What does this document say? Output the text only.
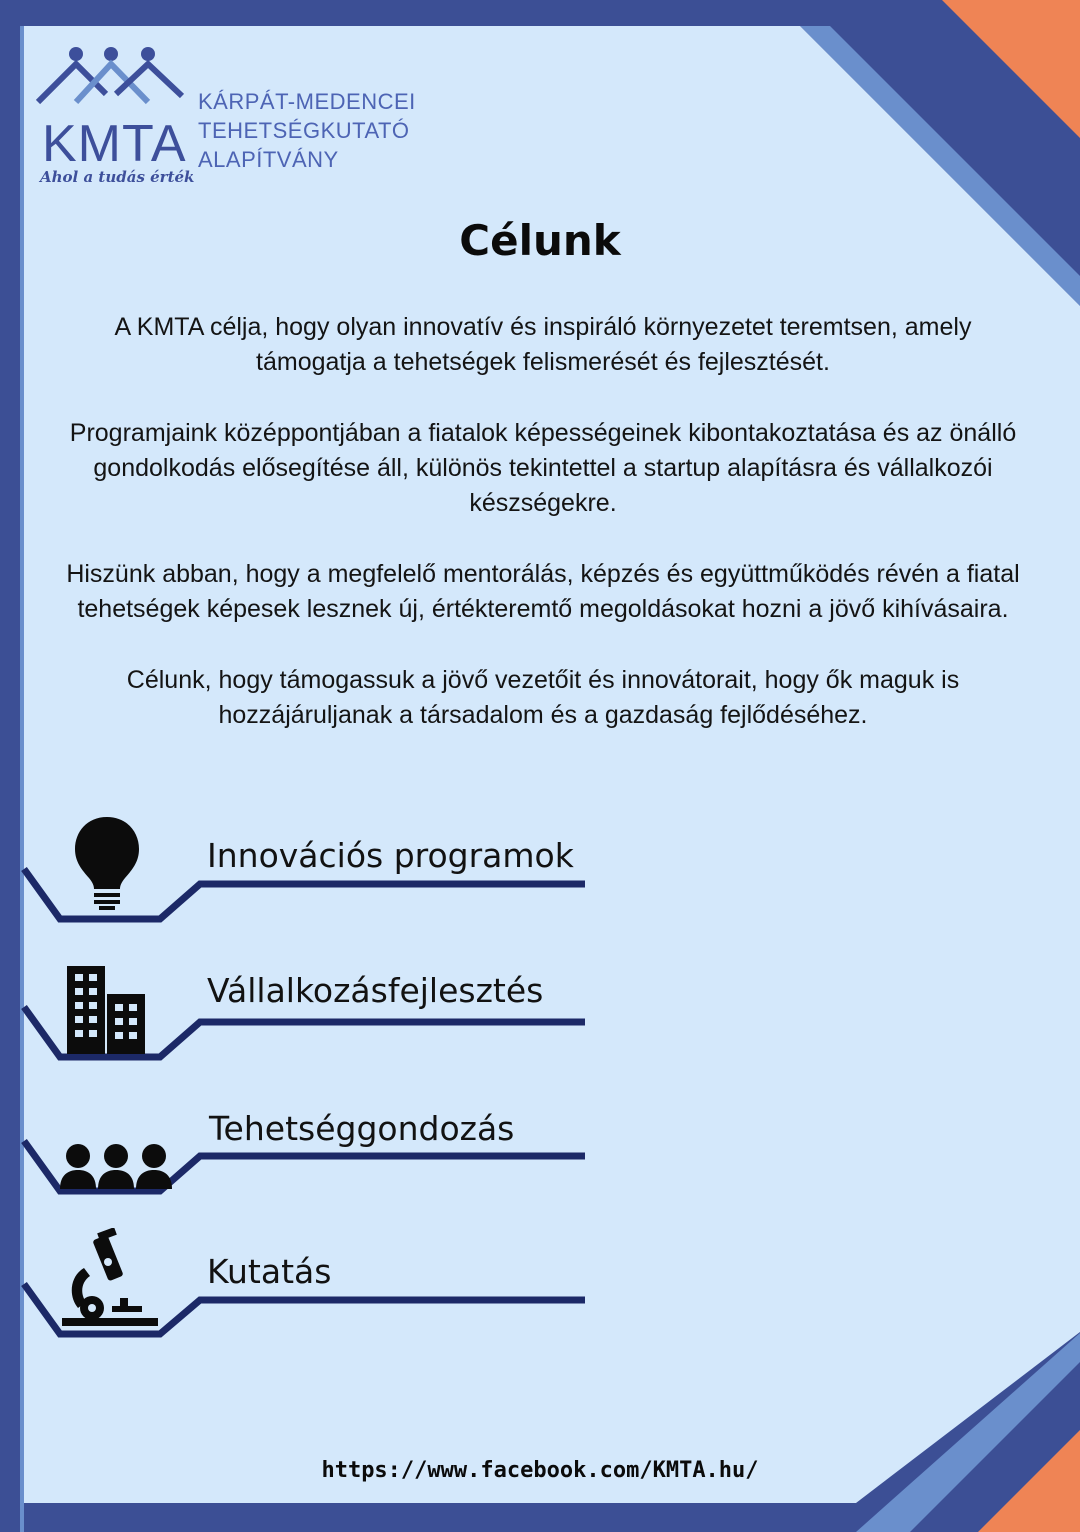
KMTA
Ahol a tudás érték
KÁRPÁT-MEDENCEI
TEHETSÉGKUTATÓ
ALAPÍTVÁNY
Célunk

A KMTA célja, hogy olyan innovatív és inspiráló környezetet teremtsen, amely támogatja a tehetségek felismerését és fejlesztését.

Programjaink középpontjában a fiatalok képességeinek kibontakoztatása és az önálló gondolkodás elősegítése áll, különös tekintettel a startup alapításra és vállalkozói készségekre.

Hiszünk abban, hogy a megfelelő mentorálás, képzés és együttműködés révén a fiatal tehetségek képesek lesznek új, értékteremtő megoldásokat hozni a jövő kihívásaira.

Célunk, hogy támogassuk a jövő vezetőit és innovátorait, hogy ők maguk is hozzájáruljanak a társadalom és a gazdaság fejlődéséhez.

Innovációs programok
Vállalkozásfejlesztés
Tehetséggondozás
Kutatás
https://www.facebook.com/KMTA.hu/
